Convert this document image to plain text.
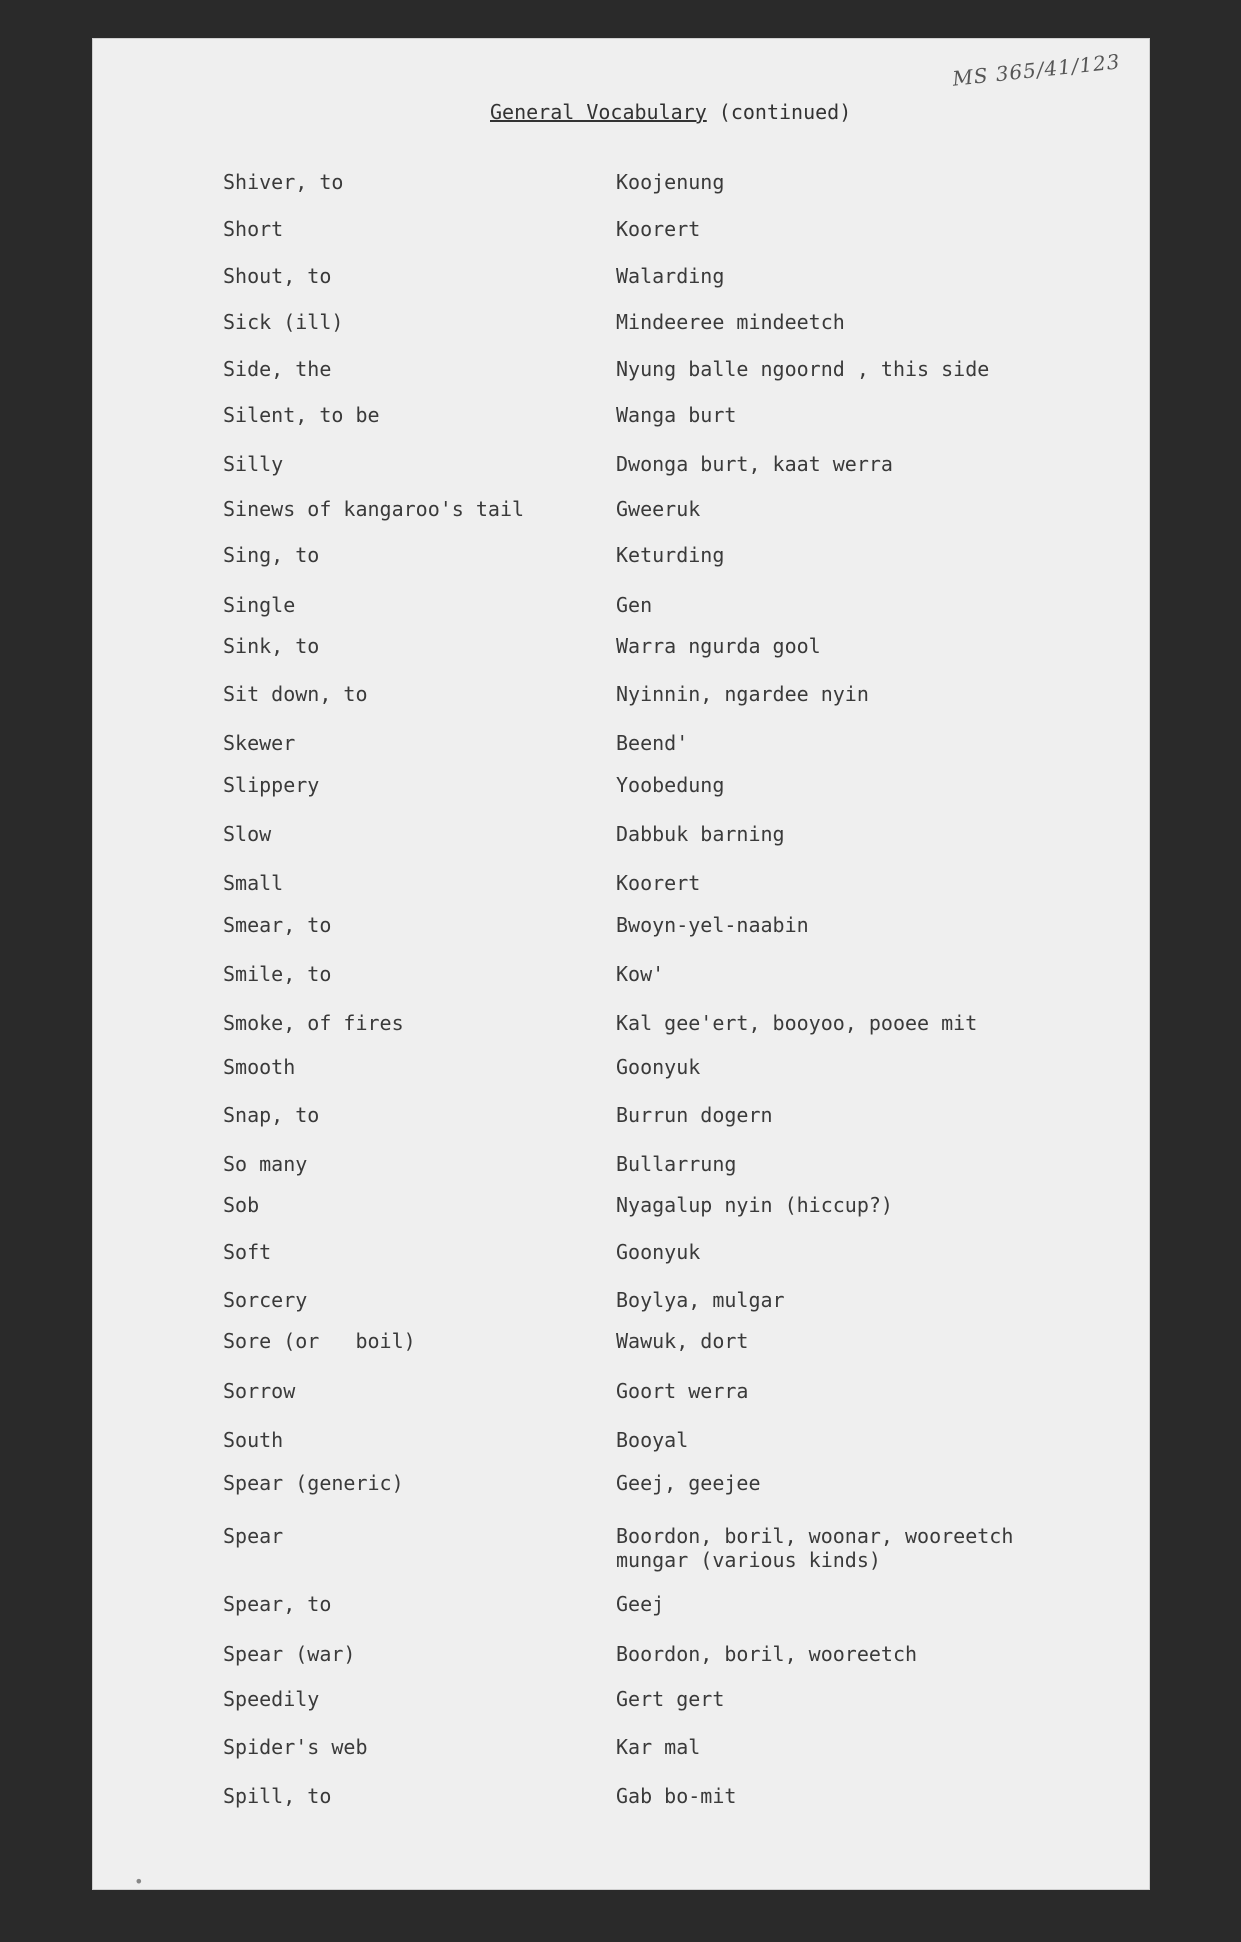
MS 365/41/123
General Vocabulary (continued)
Shiver, to	Koojenung
Short	Koorert
Shout, to	Walarding
Sick (ill)	Mindeeree mindeetch
Side, the	Nyung balle ngoornd , this side
Silent, to be	Wanga burt
Silly	Dwonga burt, kaat werra
Sinews of kangaroo's tail	Gweeruk
Sing, to	Keturding
Single	Gen
Sink, to	Warra ngurda gool
Sit down, to	Nyinnin, ngardee nyin
Skewer	Beend'
Slippery	Yoobedung
Slow	Dabbuk barning
Small	Koorert
Smear, to	Bwoyn-yel-naabin
Smile, to	Kow'
Smoke, of fires	Kal gee'ert, booyoo, pooee mit
Smooth	Goonyuk
Snap, to	Burrun dogern
So many	Bullarrung
Sob	Nyagalup nyin (hiccup?)
Soft	Goonyuk
Sorcery	Boylya, mulgar
Sore (or   boil)	Wawuk, dort
Sorrow	Goort werra
South	Booyal
Spear (generic)	Geej, geejee
Spear	Boordon, boril, woonar, wooreetch mungar (various kinds)
Spear, to	Geej
Spear (war)	Boordon, boril, wooreetch
Speedily	Gert gert
Spider's web	Kar mal
Spill, to	Gab bo-mit
•
